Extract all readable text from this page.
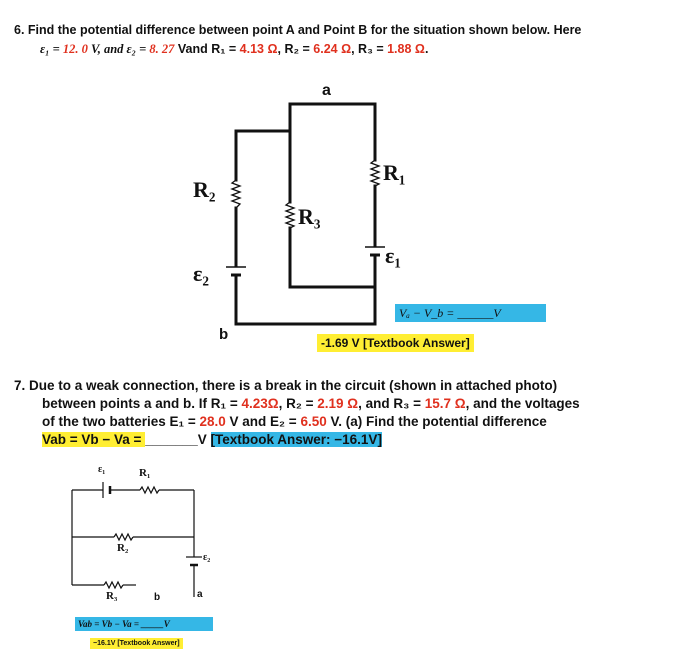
6. Find the potential difference between point A and Point B for the situation shown below. Here
ε₁ = 12. 0 V, and ε₂ = 8. 27 Vand R₁ = 4.13 Ω, R₂ = 6.24 Ω, R₃ = 1.88 Ω.
a
b
R₁
R₂
R₃
ε₁
ε₂
Vₐ − V_b = ______V
-1.69 V [Textbook Answer]
7. Due to a weak connection, there is a break in the circuit (shown in attached photo)
between points a and b. If R₁ = 4.23Ω, R₂ = 2.19 Ω, and R₃ = 15.7 Ω, and the voltages
of the two batteries E₁ = 28.0 V and E₂ = 6.50 V. (a) Find the potential difference
Vab = Vb − Va = _______V [Textbook Answer: −16.1V]
ε₁	R₁
R₂
R₃
ε₂
b	a
Vab = Vb − Va = _____V
−16.1V [Textbook Answer]
